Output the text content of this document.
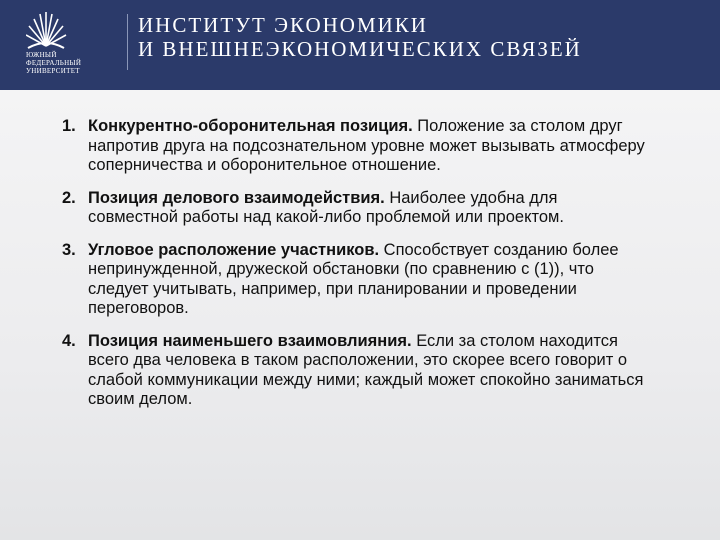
ЮЖНЫЙ
ФЕДЕРАЛЬНЫЙ
УНИВЕРСИТЕТ
ИНСТИТУТ ЭКОНОМИКИ
И ВНЕШНЕЭКОНОМИЧЕСКИХ СВЯЗЕЙ
1. Конкурентно-оборонительная позиция. Положение за столом друг напротив друга на подсознательном уровне может вызывать атмосферу соперничества и оборонительное отношение.
2. Позиция делового взаимодействия. Наиболее удобна для совместной работы над какой-либо проблемой или проектом.
3. Угловое расположение участников. Способствует созданию более непринужденной, дружеской обстановки (по сравнению с (1)), что следует учитывать, например, при планировании и проведении переговоров.
4. Позиция наименьшего взаимовлияния. Если за столом находится всего два человека в таком расположении, это скорее всего говорит о слабой коммуникации между ними; каждый может спокойно заниматься своим делом.
